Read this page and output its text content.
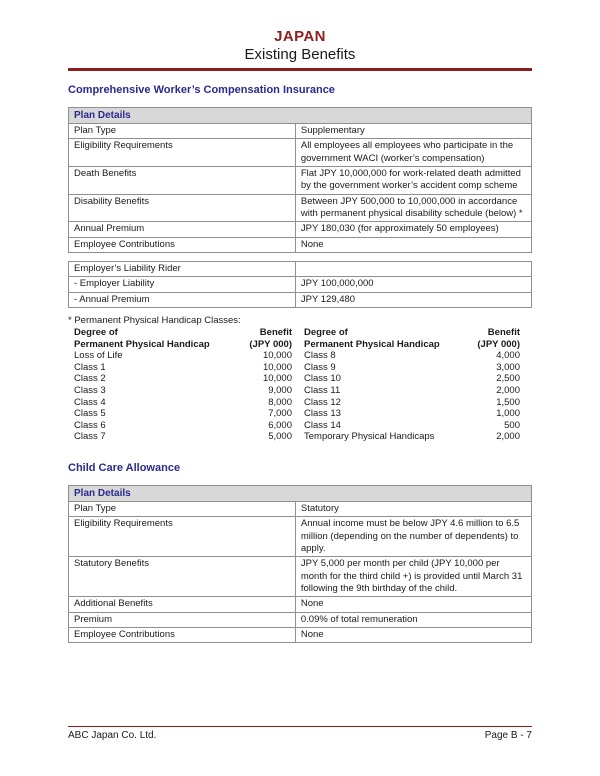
JAPAN
Existing Benefits
Comprehensive Worker’s Compensation Insurance
Plan Details	
Plan Type	Supplementary
Eligibility Requirements	All employees all employees who participate in the government WACI (worker’s compensation)
Death Benefits	Flat JPY 10,000,000 for work-related death admitted by the government worker’s accident comp scheme
Disability Benefits	Between JPY 500,000 to 10,000,000 in accordance with permanent physical disability schedule (below) *
Annual Premium	JPY 180,030 (for approximately 50 employees)
Employee Contributions	None
Employer’s Liability Rider	
- Employer Liability	JPY 100,000,000
- Annual Premium	JPY 129,480
* Permanent Physical Handicap Classes:
Degree of
Permanent Physical Handicap

Benefit
(JPY 000)

Loss of Life	10,000
Class 1	10,000
Class 2	10,000
Class 3	9,000
Class 4	8,000
Class 5	7,000
Class 6	6,000
Class 7	5,000
Degree of
Permanent Physical Handicap

Benefit
(JPY 000)

Class 8	4,000
Class 9	3,000
Class 10	2,500
Class 11	2,000
Class 12	1,500
Class 13	1,000
Class 14	500
Temporary Physical Handicaps	2,000
Child Care Allowance
Plan Details	
Plan Type	Statutory
Eligibility Requirements	Annual income must be below JPY 4.6 million to 6.5 million (depending on the number of dependents) to apply.
Statutory Benefits	JPY 5,000 per month per child (JPY 10,000 per month for the third child +) is provided until March 31 following the 9th birthday of the child.
Additional Benefits	None
Premium	0.09% of total remuneration
Employee Contributions	None
ABC Japan Co. Ltd.	Page B - 7
